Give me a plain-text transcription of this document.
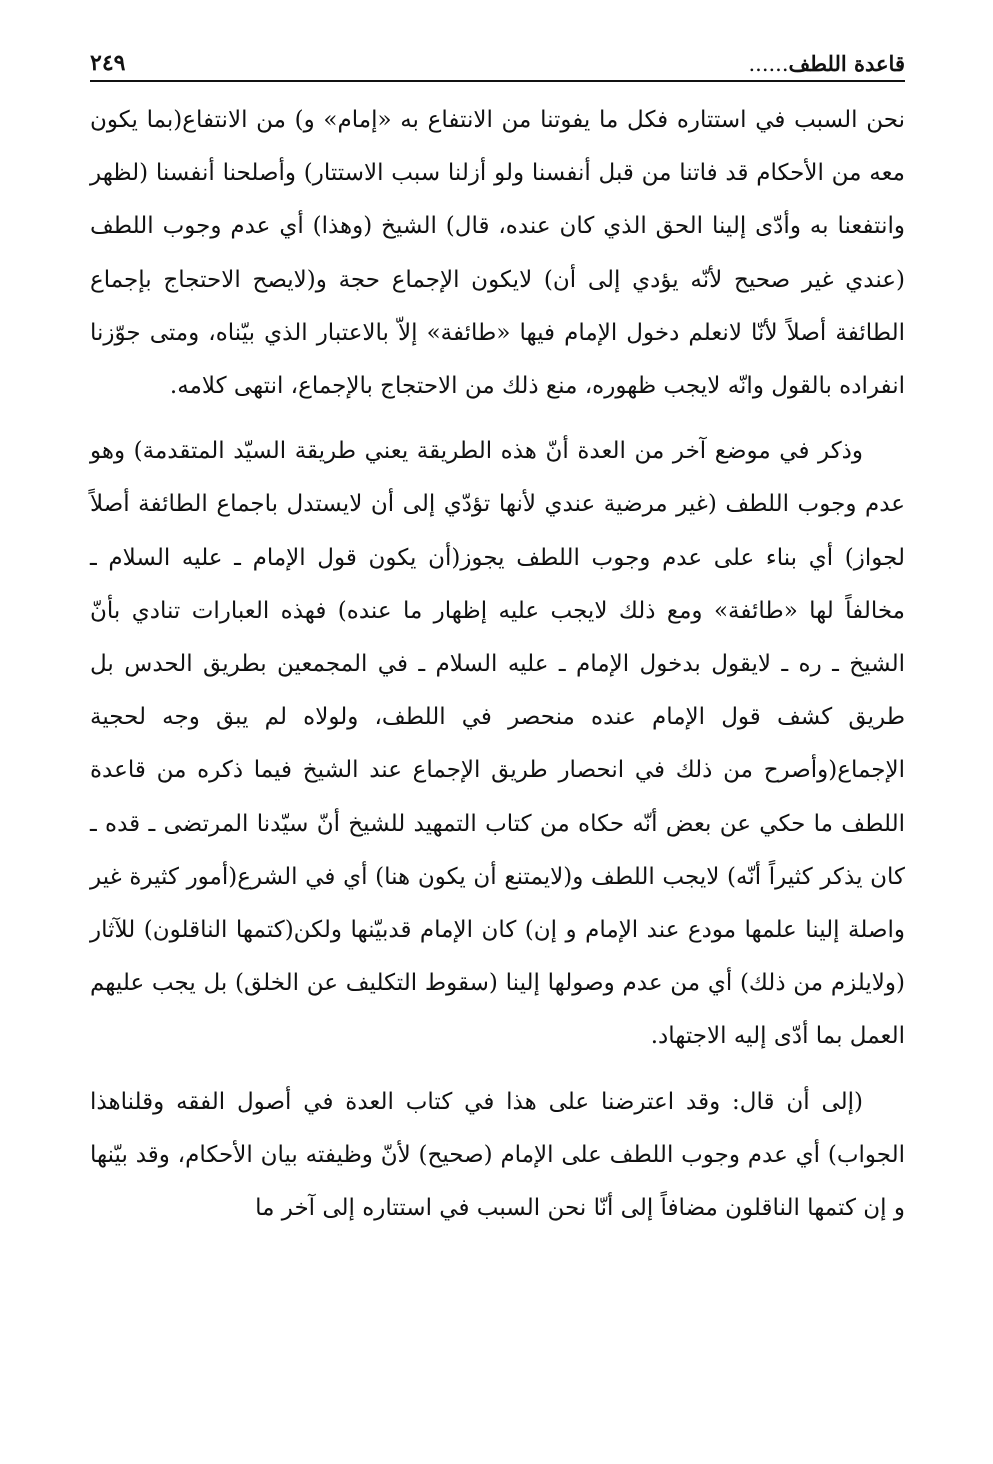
قاعدة اللطف......
٢٤٩

نحن السبب في استتاره فكل ما يفوتنا من الانتفاع به «إمام» و) من الانتفاع(بما يكون معه من الأحكام قد فاتنا من قبل أنفسنا ولو أزلنا سبب الاستتار) وأصلحنا أنفسنا (لظهر وانتفعنا به وأدّى إلينا الحق الذي كان عنده، قال) الشيخ (وهذا) أي عدم وجوب اللطف (عندي غير صحيح لأنّه يؤدي إلى أن) لايكون الإجماع حجة و(لايصح الاحتجاج بإجماع الطائفة أصلاً لأنّا لانعلم دخول الإمام فيها «طائفة» إلاّ بالاعتبار الذي بيّناه، ومتى جوّزنا انفراده بالقول وانّه لايجب ظهوره، منع ذلك من الاحتجاج بالإجماع، انتهى كلامه.

وذكر في موضع آخر من العدة أنّ هذه الطريقة يعني طريقة السيّد المتقدمة) وهو عدم وجوب اللطف (غير مرضية عندي لأنها تؤدّي إلى أن لايستدل باجماع الطائفة أصلاً لجواز) أي بناء على عدم وجوب اللطف يجوز(أن يكون قول الإمام ـ عليه السلام ـ مخالفاً لها «طائفة» ومع ذلك لايجب عليه إظهار ما عنده) فهذه العبارات تنادي بأنّ الشيخ ـ ره ـ لايقول بدخول الإمام ـ عليه السلام ـ في المجمعين بطريق الحدس بل طريق كشف قول الإمام عنده منحصر في اللطف، ولولاه لم يبق وجه لحجية الإجماع(وأصرح من ذلك في انحصار طريق الإجماع عند الشيخ فيما ذكره من قاعدة اللطف ما حكي عن بعض أنّه حكاه من كتاب التمهيد للشيخ أنّ سيّدنا المرتضى ـ قده ـ كان يذكر كثيراً أنّه) لايجب اللطف و(لايمتنع أن يكون هنا) أي في الشرع(أمور كثيرة غير واصلة إلينا علمها مودع عند الإمام و إن) كان الإمام قدبيّنها ولكن(كتمها الناقلون) للآثار (ولايلزم من ذلك) أي من عدم وصولها إلينا (سقوط التكليف عن الخلق) بل يجب عليهم العمل بما أدّى إليه الاجتهاد.

(إلى أن قال: وقد اعترضنا على هذا في كتاب العدة في أصول الفقه وقلناهذا الجواب) أي عدم وجوب اللطف على الإمام (صحيح) لأنّ وظيفته بيان الأحكام، وقد بيّنها و إن كتمها الناقلون مضافاً إلى أنّا نحن السبب في استتاره إلى آخر ما
